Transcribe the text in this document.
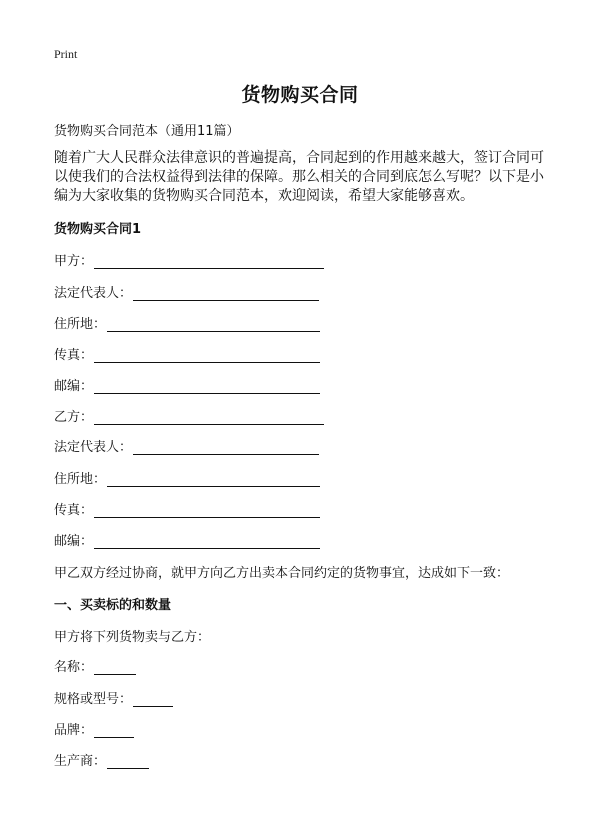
Print
货物购买合同
货物购买合同范本（通用11篇）
随着广大人民群众法律意识的普遍提高，合同起到的作用越来越大，签订合同可以使我们的合法权益得到法律的保障。那么相关的合同到底怎么写呢？以下是小编为大家收集的货物购买合同范本，欢迎阅读，希望大家能够喜欢。
货物购买合同1
甲方：
法定代表人：
住所地：
传真：
邮编：
乙方：
法定代表人：
住所地：
传真：
邮编：
甲乙双方经过协商，就甲方向乙方出卖本合同约定的货物事宜，达成如下一致：
一、买卖标的和数量
甲方将下列货物卖与乙方：
名称：
规格或型号：
品牌：
生产商：
